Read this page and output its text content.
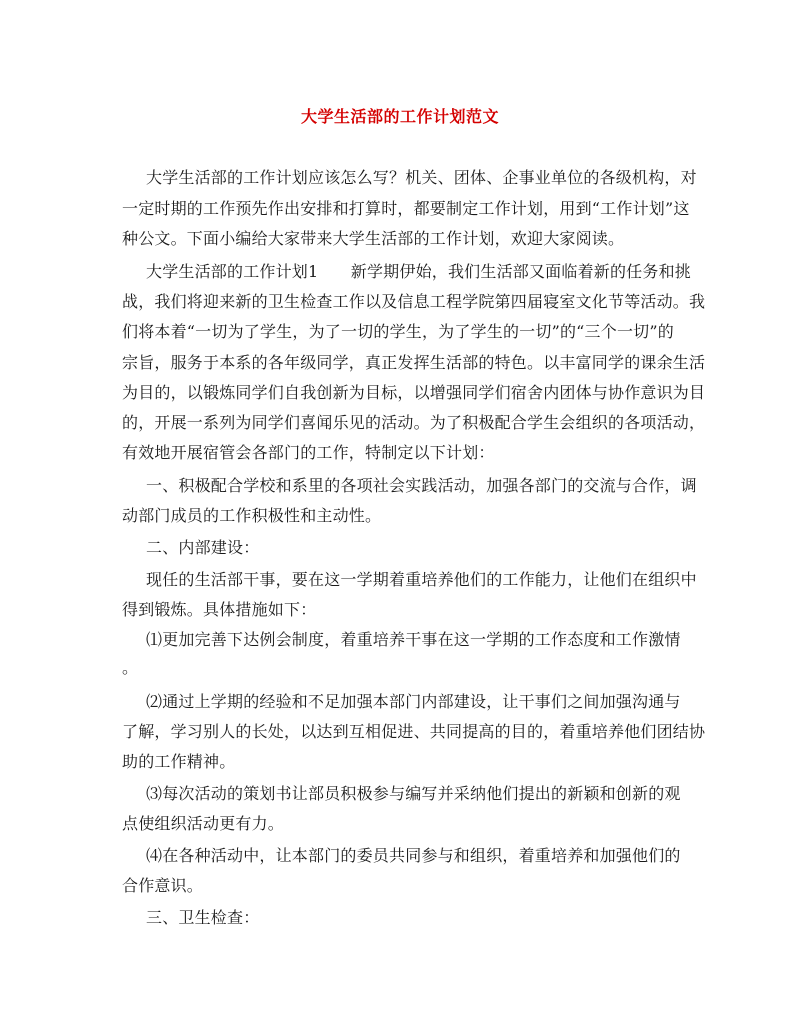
大学生活部的工作计划范文
大学生活部的工作计划应该怎么写？机关、团体、企事业单位的各级机构，对
一定时期的工作预先作出安排和打算时，都要制定工作计划，用到“工作计划”这
种公文。下面小编给大家带来大学生活部的工作计划，欢迎大家阅读。
大学生活部的工作计划1　　新学期伊始，我们生活部又面临着新的任务和挑
战，我们将迎来新的卫生检查工作以及信息工程学院第四届寝室文化节等活动。我
们将本着“一切为了学生，为了一切的学生，为了学生的一切”的“三个一切”的
宗旨，服务于本系的各年级同学，真正发挥生活部的特色。以丰富同学的课余生活
为目的，以锻炼同学们自我创新为目标，以增强同学们宿舍内团体与协作意识为目
的，开展一系列为同学们喜闻乐见的活动。为了积极配合学生会组织的各项活动，
有效地开展宿管会各部门的工作，特制定以下计划：
一、积极配合学校和系里的各项社会实践活动，加强各部门的交流与合作，调
动部门成员的工作积极性和主动性。
二、内部建设：
现任的生活部干事，要在这一学期着重培养他们的工作能力，让他们在组织中
得到锻炼。具体措施如下：
⑴更加完善下达例会制度，着重培养干事在这一学期的工作态度和工作激情
。
⑵通过上学期的经验和不足加强本部门内部建设，让干事们之间加强沟通与
了解，学习别人的长处，以达到互相促进、共同提高的目的，着重培养他们团结协
助的工作精神。
⑶每次活动的策划书让部员积极参与编写并采纳他们提出的新颖和创新的观
点使组织活动更有力。
⑷在各种活动中，让本部门的委员共同参与和组织，着重培养和加强他们的
合作意识。
三、卫生检查：
